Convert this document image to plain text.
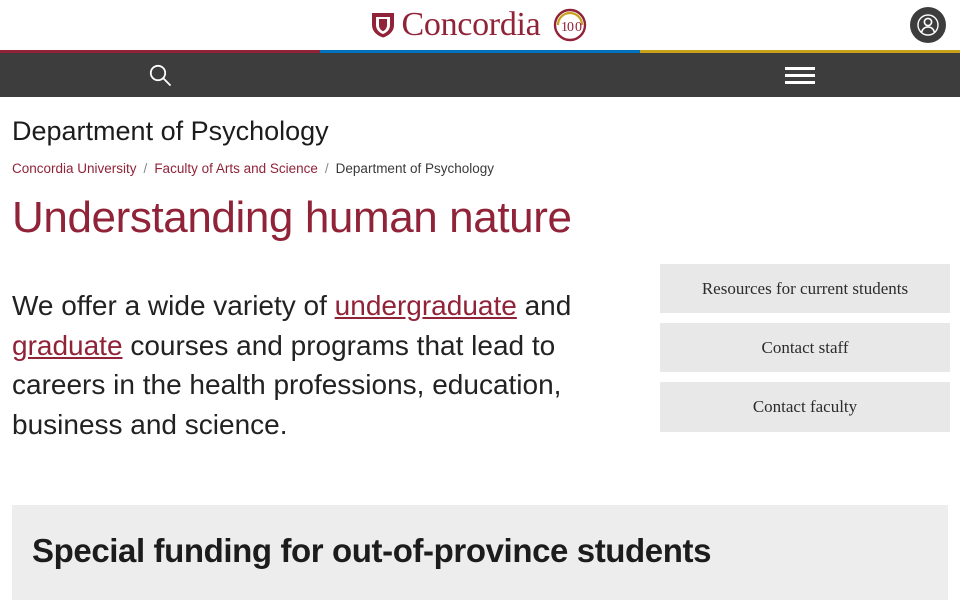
Concordia 1 0 0
Department of Psychology
Concordia University / Faculty of Arts and Science / Department of Psychology
Understanding human nature

We offer a wide variety of undergraduate and graduate courses and programs that lead to careers in the health professions, education, business and science.

Resources for current students
Contact staff
Contact faculty
Special funding for out-of-province students
